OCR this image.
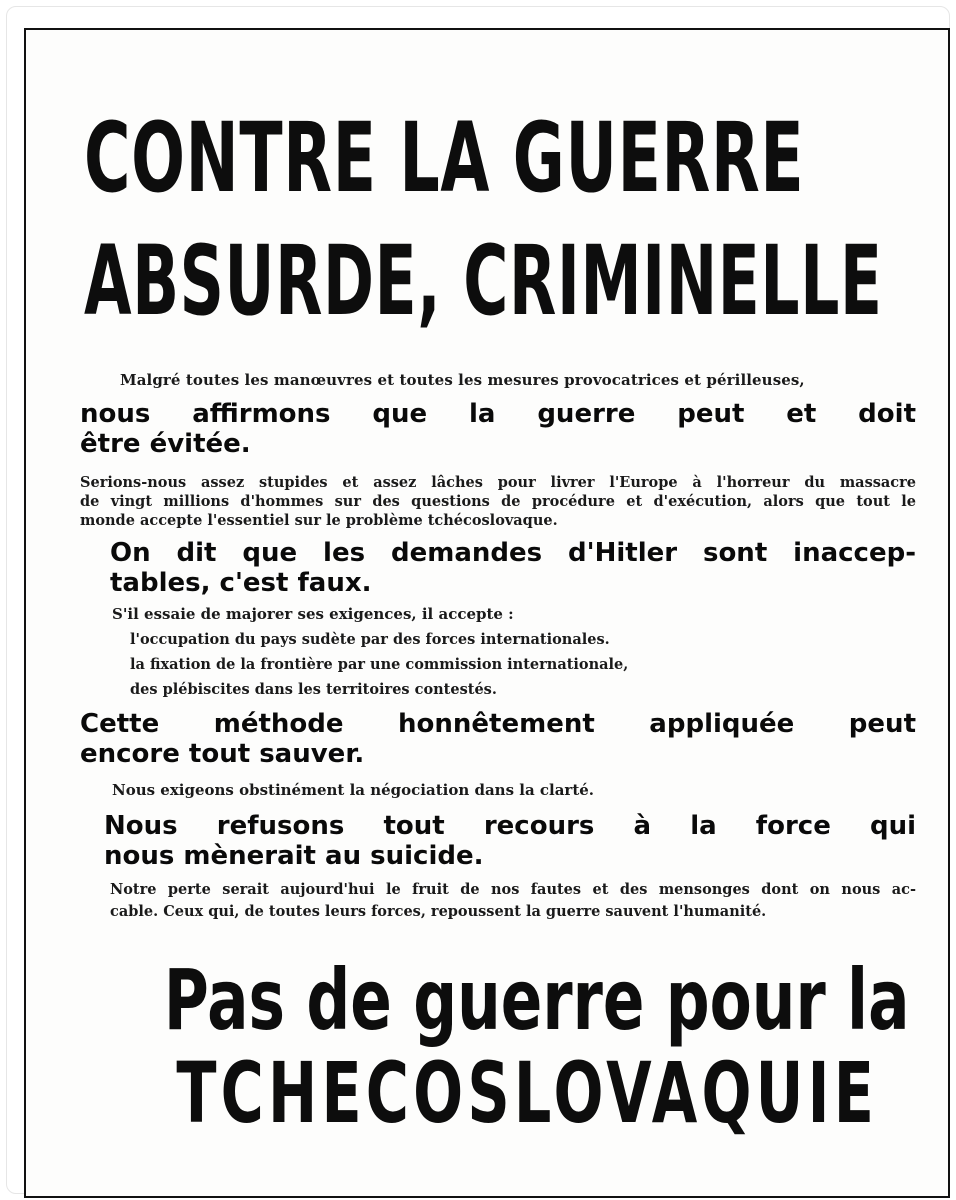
CONTRE LA GUERRE
ABSURDE, CRIMINELLE

Malgré toutes les manœuvres et toutes les mesures provocatrices et périlleuses,

nous affirmons que la guerre peut et doit
être évitée.

Serions-nous assez stupides et assez lâches pour livrer l'Europe à l'horreur du massacre
de vingt millions d'hommes sur des questions de procédure et d'exécution, alors que tout le
monde accepte l'essentiel sur le problème tchécoslovaque.

On dit que les demandes d'Hitler sont inaccep-
tables, c'est faux.

S'il essaie de majorer ses exigences, il accepte :

l'occupation du pays sudète par des forces internationales.

la fixation de la frontière par une commission internationale,

des plébiscites dans les territoires contestés.

Cette méthode honnêtement appliquée peut
encore tout sauver.

Nous exigeons obstinément la négociation dans la clarté.

Nous refusons tout recours à la force qui
nous mènerait au suicide.

Notre perte serait aujourd'hui le fruit de nos fautes et des mensonges dont on nous ac-
cable. Ceux qui, de toutes leurs forces, repoussent la guerre sauvent l'humanité.

Pas de guerre pour la
TCHECOSLOVAQUIE
